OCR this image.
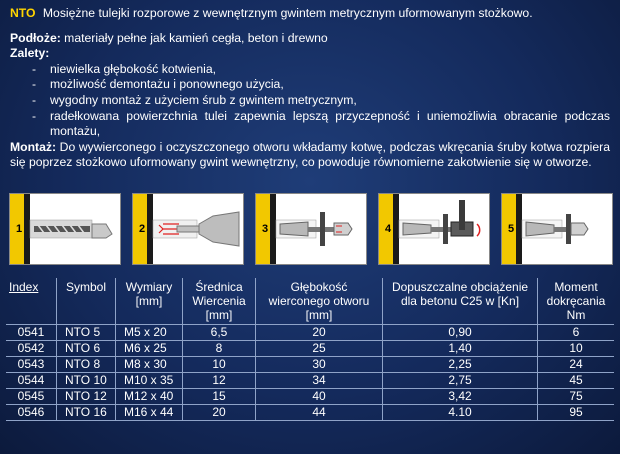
NTO Mosiężne tulejki rozporowe z wewnętrznym gwintem metrycznym uformowanym stożkowo.
Podłoże: materiały pełne jak kamień cegła, beton i drewno
Zalety:
- niewielka głębokość kotwienia,
- możliwość demontażu i ponownego użycia,
- wygodny montaż z użyciem śrub z gwintem metrycznym,
- radełkowana powierzchnia tulei zapewnia lepszą przyczepność i uniemożliwia obracanie podczas montażu,
Montaż: Do wywierconego i oczyszczonego otworu wkładamy kotwę, podczas wkręcania śruby kotwa rozpiera się poprzez stożkowo uformowany gwint wewnętrzny, co powoduje równomierne zakotwienie się w otworze.
1	2	3	4	5
Index	Symbol	Wymiary [mm]	Średnica Wiercenia [mm]	Głębokość wierconego otworu [mm]	Dopuszczalne obciążenie dla betonu C25 w [Kn]	Moment dokręcania Nm
0541	NTO 5	M5 x 20	6,5	20	0,90	6
0542	NTO 6	M6 x 25	8	25	1,40	10
0543	NTO 8	M8 x 30	10	30	2,25	24
0544	NTO 10	M10 x 35	12	34	2,75	45
0545	NTO 12	M12 x 40	15	40	3,42	75
0546	NTO 16	M16 x 44	20	44	4.10	95
